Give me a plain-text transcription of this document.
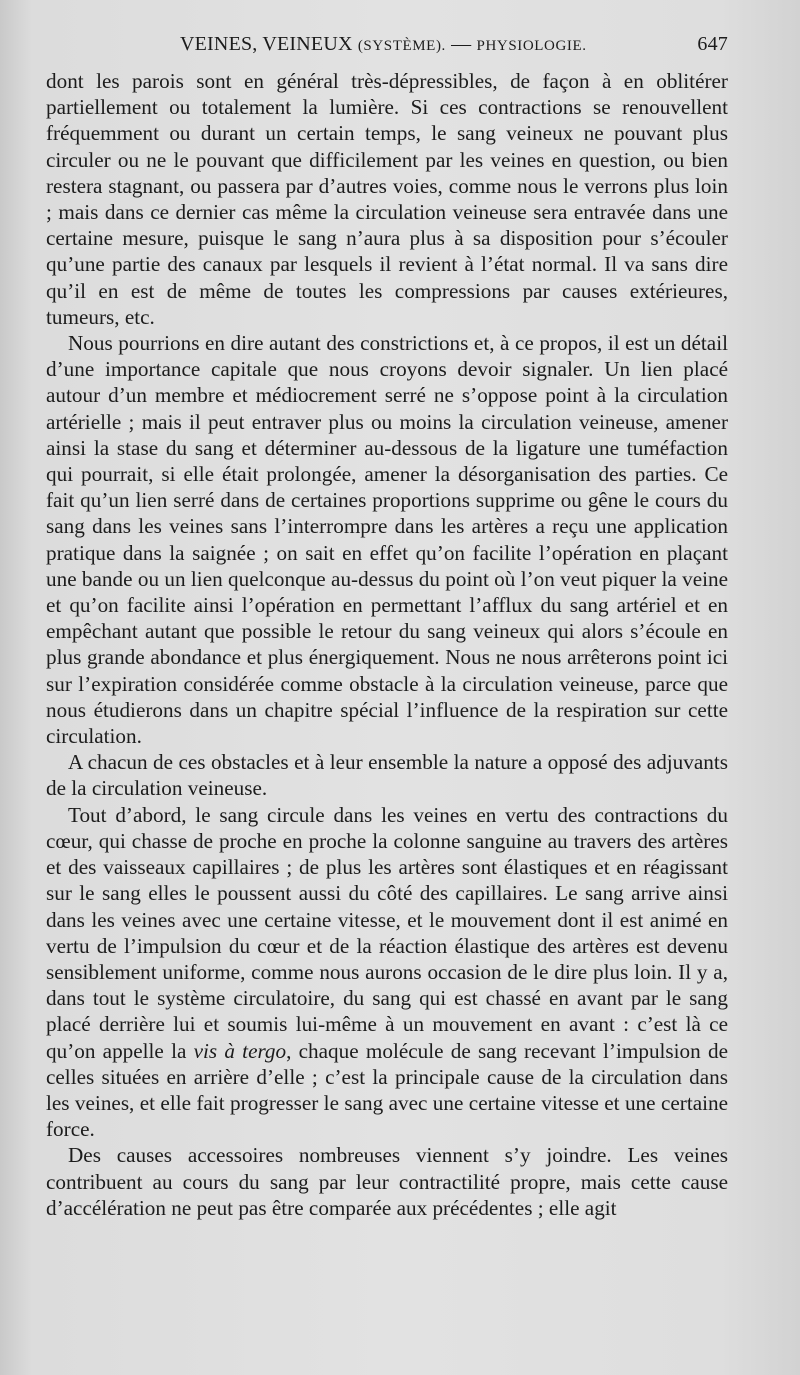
VEINES, VEINEUX (SYSTÈME). — PHYSIOLOGIE.	647

dont les parois sont en général très-dépressibles, de façon à en oblitérer partiellement ou totalement la lumière. Si ces contractions se renouvellent fréquemment ou durant un certain temps, le sang veineux ne pouvant plus circuler ou ne le pouvant que difficilement par les veines en question, ou bien restera stagnant, ou passera par d’autres voies, comme nous le verrons plus loin ; mais dans ce dernier cas même la circulation veineuse sera entravée dans une certaine mesure, puisque le sang n’aura plus à sa disposition pour s’écouler qu’une partie des canaux par lesquels il revient à l’état normal. Il va sans dire qu’il en est de même de toutes les compressions par causes extérieures, tumeurs, etc.

Nous pourrions en dire autant des constrictions et, à ce propos, il est un détail d’une importance capitale que nous croyons devoir signaler. Un lien placé autour d’un membre et médiocrement serré ne s’oppose point à la circulation artérielle ; mais il peut entraver plus ou moins la circulation veineuse, amener ainsi la stase du sang et déterminer au-dessous de la ligature une tuméfaction qui pourrait, si elle était prolongée, amener la désorganisation des parties. Ce fait qu’un lien serré dans de certaines proportions supprime ou gêne le cours du sang dans les veines sans l’interrompre dans les artères a reçu une application pratique dans la saignée ; on sait en effet qu’on facilite l’opération en plaçant une bande ou un lien quelconque au-dessus du point où l’on veut piquer la veine et qu’on facilite ainsi l’opération en permettant l’afflux du sang artériel et en empêchant autant que possible le retour du sang veineux qui alors s’écoule en plus grande abondance et plus énergiquement. Nous ne nous arrêterons point ici sur l’expiration considérée comme obstacle à la circulation veineuse, parce que nous étudierons dans un chapitre spécial l’influence de la respiration sur cette circulation.

A chacun de ces obstacles et à leur ensemble la nature a opposé des adjuvants de la circulation veineuse.

Tout d’abord, le sang circule dans les veines en vertu des contractions du cœur, qui chasse de proche en proche la colonne sanguine au travers des artères et des vaisseaux capillaires ; de plus les artères sont élastiques et en réagissant sur le sang elles le poussent aussi du côté des capillaires. Le sang arrive ainsi dans les veines avec une certaine vitesse, et le mouvement dont il est animé en vertu de l’impulsion du cœur et de la réaction élastique des artères est devenu sensiblement uniforme, comme nous aurons occasion de le dire plus loin. Il y a, dans tout le système circulatoire, du sang qui est chassé en avant par le sang placé derrière lui et soumis lui-même à un mouvement en avant : c’est là ce qu’on appelle la vis à tergo, chaque molécule de sang recevant l’impulsion de celles situées en arrière d’elle ; c’est la principale cause de la circulation dans les veines, et elle fait progresser le sang avec une certaine vitesse et une certaine force.

Des causes accessoires nombreuses viennent s’y joindre. Les veines contribuent au cours du sang par leur contractilité propre, mais cette cause d’accélération ne peut pas être comparée aux précédentes ; elle agit
